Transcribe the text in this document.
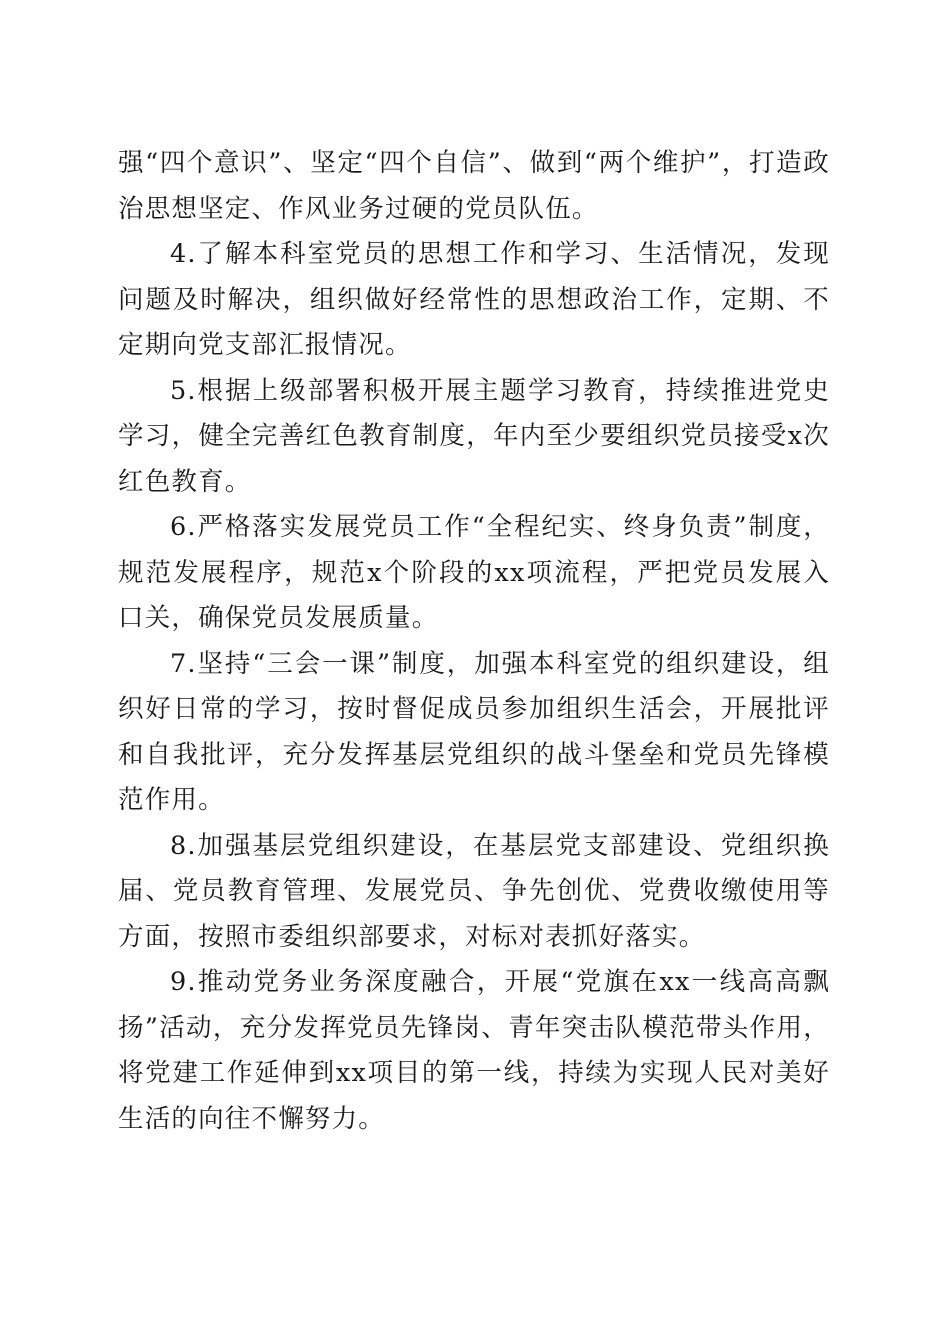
强“四个意识”、坚定“四个自信”、做到“两个维护”，打造政治思想坚定、作风业务过硬的党员队伍。

4.了解本科室党员的思想工作和学习、生活情况，发现问题及时解决，组织做好经常性的思想政治工作，定期、不定期向党支部汇报情况。

5.根据上级部署积极开展主题学习教育，持续推进党史学习，健全完善红色教育制度，年内至少要组织党员接受x次红色教育。

6.严格落实发展党员工作“全程纪实、终身负责”制度，规范发展程序，规范x个阶段的xx项流程，严把党员发展入口关，确保党员发展质量。

7.坚持“三会一课”制度，加强本科室党的组织建设，组织好日常的学习，按时督促成员参加组织生活会，开展批评和自我批评，充分发挥基层党组织的战斗堡垒和党员先锋模范作用。

8.加强基层党组织建设，在基层党支部建设、党组织换届、党员教育管理、发展党员、争先创优、党费收缴使用等方面，按照市委组织部要求，对标对表抓好落实。

9.推动党务业务深度融合，开展“党旗在xx一线高高飘扬”活动，充分发挥党员先锋岗、青年突击队模范带头作用，将党建工作延伸到xx项目的第一线，持续为实现人民对美好生活的向往不懈努力。
